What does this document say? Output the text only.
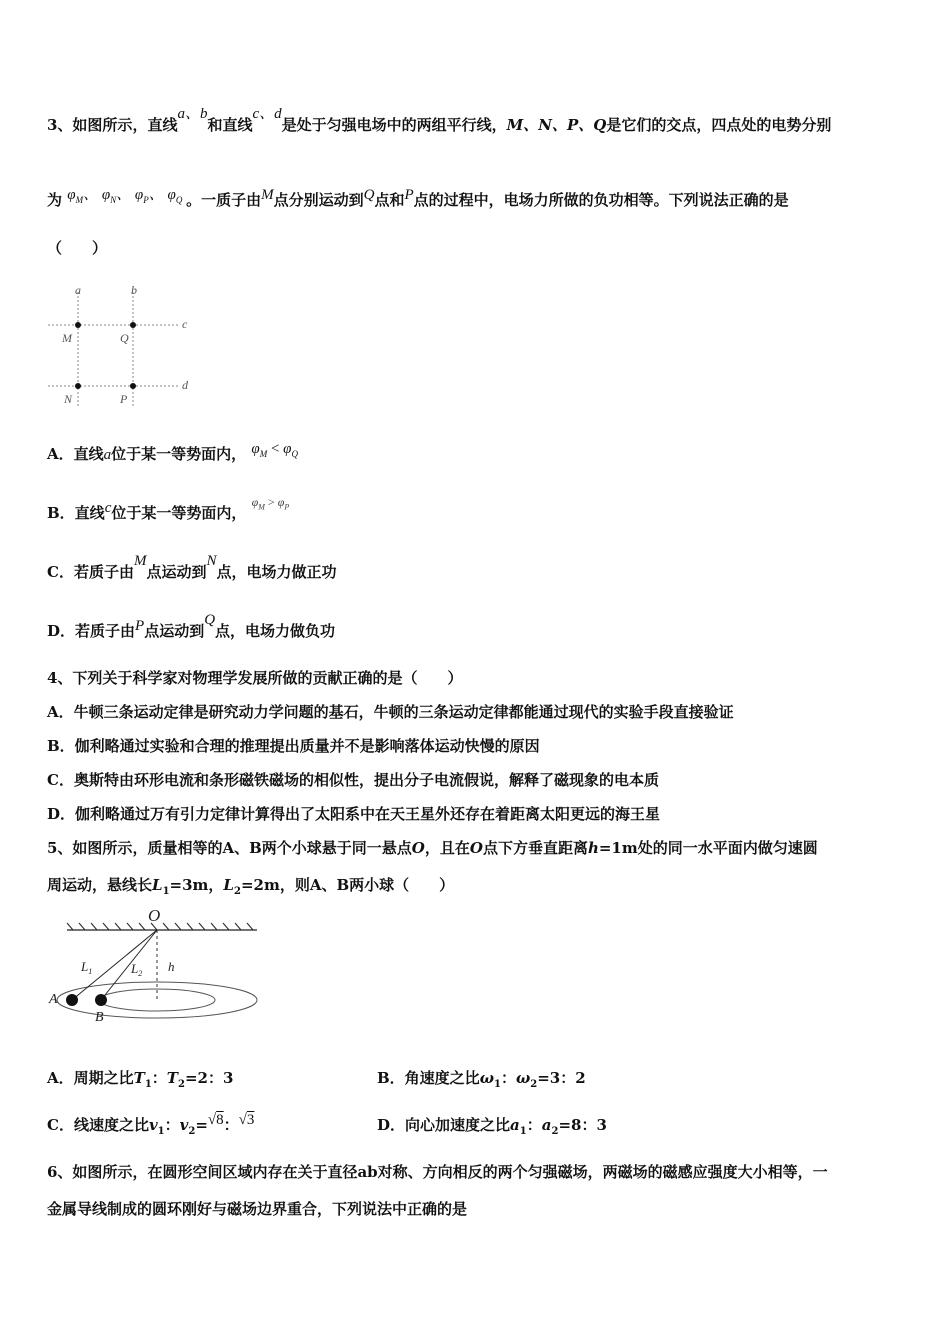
3、如图所示，直线a、b和直线c、d是处于匀强电场中的两组平行线，M、N、P、Q是它们的交点，四点处的电势分别
为 $\varphi_M$、 $\varphi_N$、 $\varphi_P$、 $\varphi_Q$ 。一质子由M点分别运动到Q点和P点的过程中，电场力所做的负功相等。下列说法正确的是
（　　）
a	b
c
d
M	Q
N	P
A．直线a位于某一等势面内， $\varphi_M < \varphi_Q$
B．直线c位于某一等势面内， $^{\varphi_M > \varphi_P}$
C．若质子由M点运动到N点，电场力做正功
D．若质子由P点运动到Q点，电场力做负功
4、下列关于科学家对物理学发展所做的贡献正确的是（　　）
A．牛顿三条运动定律是研究动力学问题的基石，牛顿的三条运动定律都能通过现代的实验手段直接验证
B．伽利略通过实验和合理的推理提出质量并不是影响落体运动快慢的原因
C．奥斯特由环形电流和条形磁铁磁场的相似性，提出分子电流假说，解释了磁现象的电本质
D．伽利略通过万有引力定律计算得出了太阳系中在天王星外还存在着距离太阳更远的海王星
5、如图所示，质量相等的A、B两个小球悬于同一悬点O，且在O点下方垂直距离h=1m处的同一水平面内做匀速圆
周运动，悬线长$L_1=3m$，$L_2=2m$，则A、B两小球（　　）
O
$L_1$	$L_2$ h
A
B
A．周期之比$T_1$：$T_2=2$：3	B．角速度之比$\omega_1$：$\omega_2=3$：2
C．线速度之比$v_1$：$v_2=√8$：√3	D．向心加速度之比$a_1$：$a_2=8$：3
6、如图所示，在圆形空间区域内存在关于直径ab对称、方向相反的两个匀强磁场，两磁场的磁感应强度大小相等，一
金属导线制成的圆环刚好与磁场边界重合，下列说法中正确的是
